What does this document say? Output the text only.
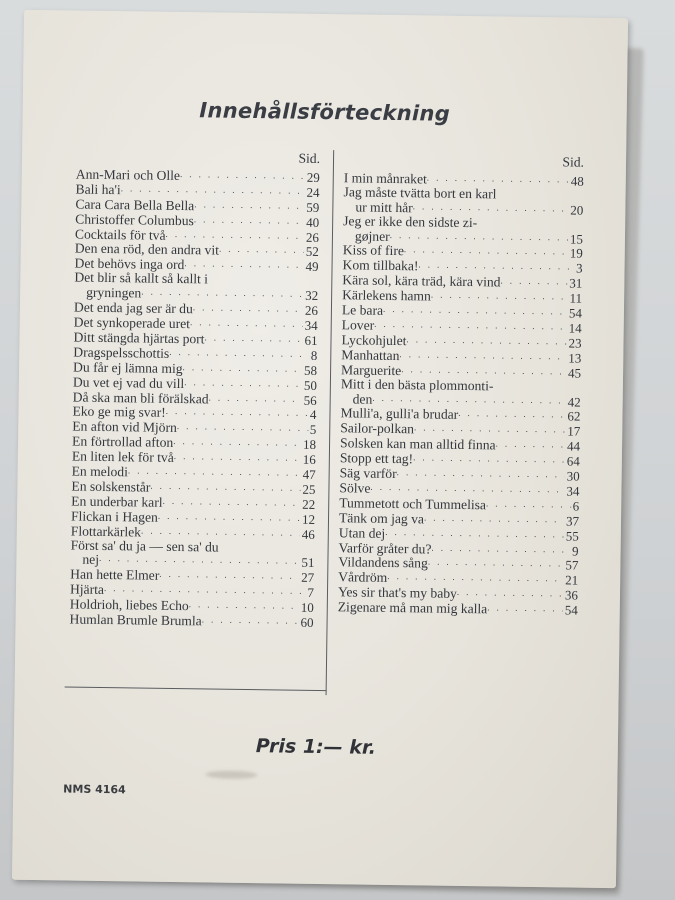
Innehållsförteckning
Sid.
Ann-Mari och Olle . . .	29
Bali ha'i . . .	24
Cara Cara Bella Bella . . .	59
Christoffer Columbus . . .	40
Cocktails för två . . .	26
Den ena röd, den andra vit . . .	52
Det behövs inga ord . . .	49
Det blir så kallt så kallt i
gryningen . . .	32
Det enda jag ser är du . . .	26
Det synkoperade uret . . .	34
Ditt stängda hjärtas port . . .	61
Dragspelsschottis . . .	8
Du får ej lämna mig . . .	58
Du vet ej vad du vill . . .	50
Då ska man bli förälskad . . .	56
Eko ge mig svar! . . .	4
En afton vid Mjörn . . .	5
En förtrollad afton . . .	18
En liten lek för två . . .	16
En melodi . . .	47
En solskenstår . . .	25
En underbar karl . . .	22
Flickan i Hagen . . .	12
Flottarkärlek . . .	46
Först sa' du ja — sen sa' du
nej . . .	51
Han hette Elmer . . .	27
Hjärta . . .	7
Holdrioh, liebes Echo . . .	10
Humlan Brumle Brumla . . .	60
Sid.
I min månraket . . .	48
Jag måste tvätta bort en karl
ur mitt hår . . .	20
Jeg er ikke den sidste zi-
gøjner . . .	15
Kiss of fire . . .	19
Kom tillbaka! . . .	3
Kära sol, kära träd, kära vind . . .	31
Kärlekens hamn . . .	11
Le bara . . .	54
Lover . . .	14
Lyckohjulet . . .	23
Manhattan . . .	13
Marguerite . . .	45
Mitt i den bästa plommonti-
den . . .	42
Mulli'a, gulli'a brudar . . .	62
Sailor-polkan . . .	17
Solsken kan man alltid finna . . .	44
Stopp ett tag! . . .	64
Säg varför . . .	30
Sölve . . .	34
Tummetott och Tummelisa . . .	6
Tänk om jag va . . .	37
Utan dej . . .	55
Varför gråter du? . . .	9
Vildandens sång . . .	57
Vårdröm . . .	21
Yes sir that's my baby . . .	36
Zigenare må man mig kalla . . .	54
Pris 1:— kr.
NMS 4164
